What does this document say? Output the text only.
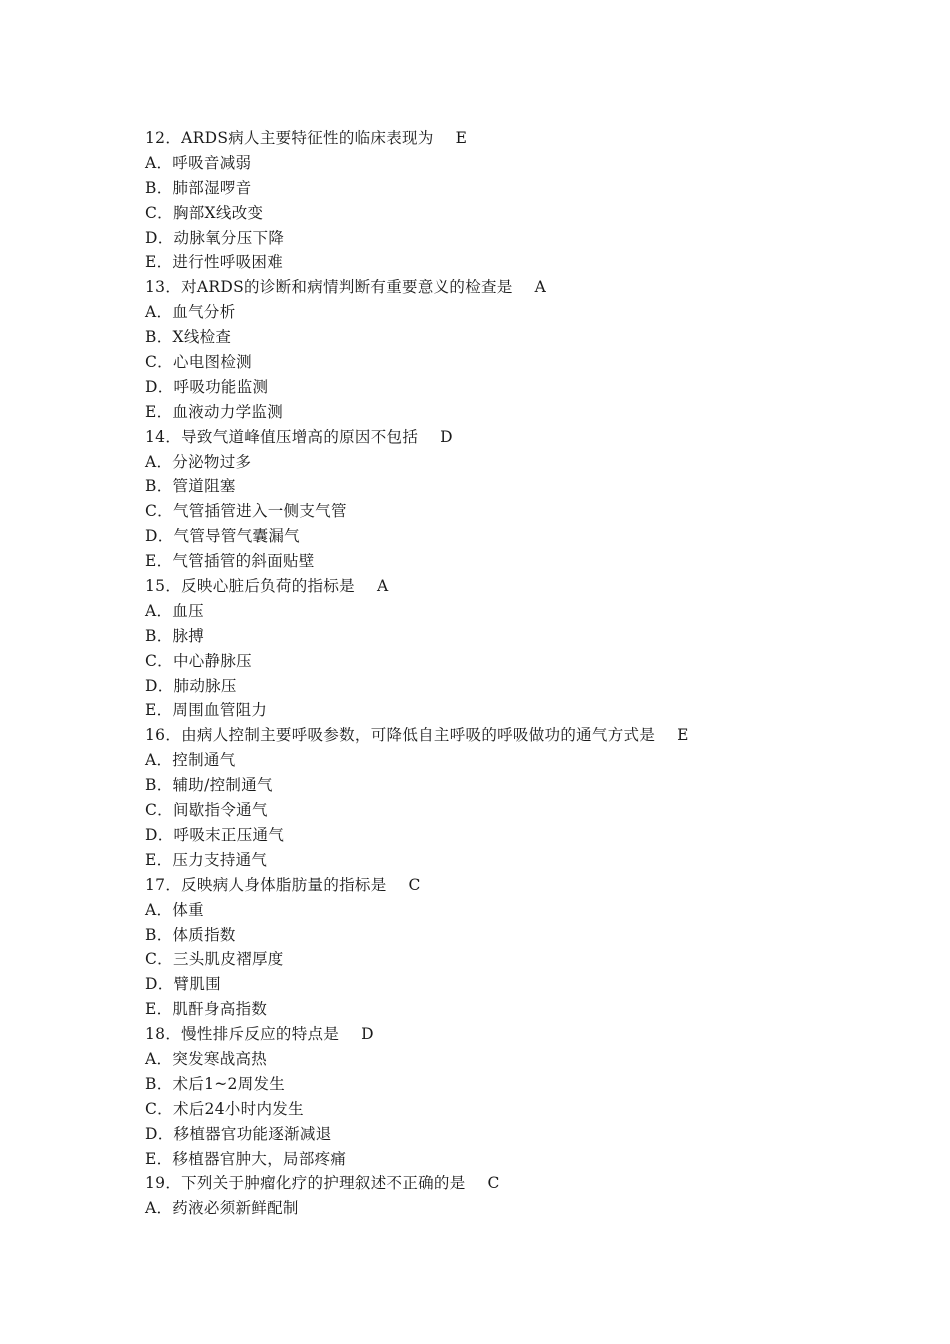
12．ARDS病人主要特征性的临床表现为 E
A．呼吸音减弱
B．肺部湿啰音
C．胸部X线改变
D．动脉氧分压下降
E．进行性呼吸困难
13．对ARDS的诊断和病情判断有重要意义的检查是 A
A．血气分析
B．X线检查
C．心电图检测
D．呼吸功能监测
E．血液动力学监测
14．导致气道峰值压增高的原因不包括 D
A．分泌物过多
B．管道阻塞
C．气管插管进入一侧支气管
D．气管导管气囊漏气
E．气管插管的斜面贴壁
15．反映心脏后负荷的指标是 A
A．血压
B．脉搏
C．中心静脉压
D．肺动脉压
E．周围血管阻力
16．由病人控制主要呼吸参数，可降低自主呼吸的呼吸做功的通气方式是 E
A．控制通气
B．辅助/控制通气
C．间歇指令通气
D．呼吸末正压通气
E．压力支持通气
17．反映病人身体脂肪量的指标是 C
A．体重
B．体质指数
C．三头肌皮褶厚度
D．臂肌围
E．肌酐身高指数
18．慢性排斥反应的特点是 D
A．突发寒战高热
B．术后1~2周发生
C．术后24小时内发生
D．移植器官功能逐渐减退
E．移植器官肿大，局部疼痛
19．下列关于肿瘤化疗的护理叙述不正确的是 C
A．药液必须新鲜配制
